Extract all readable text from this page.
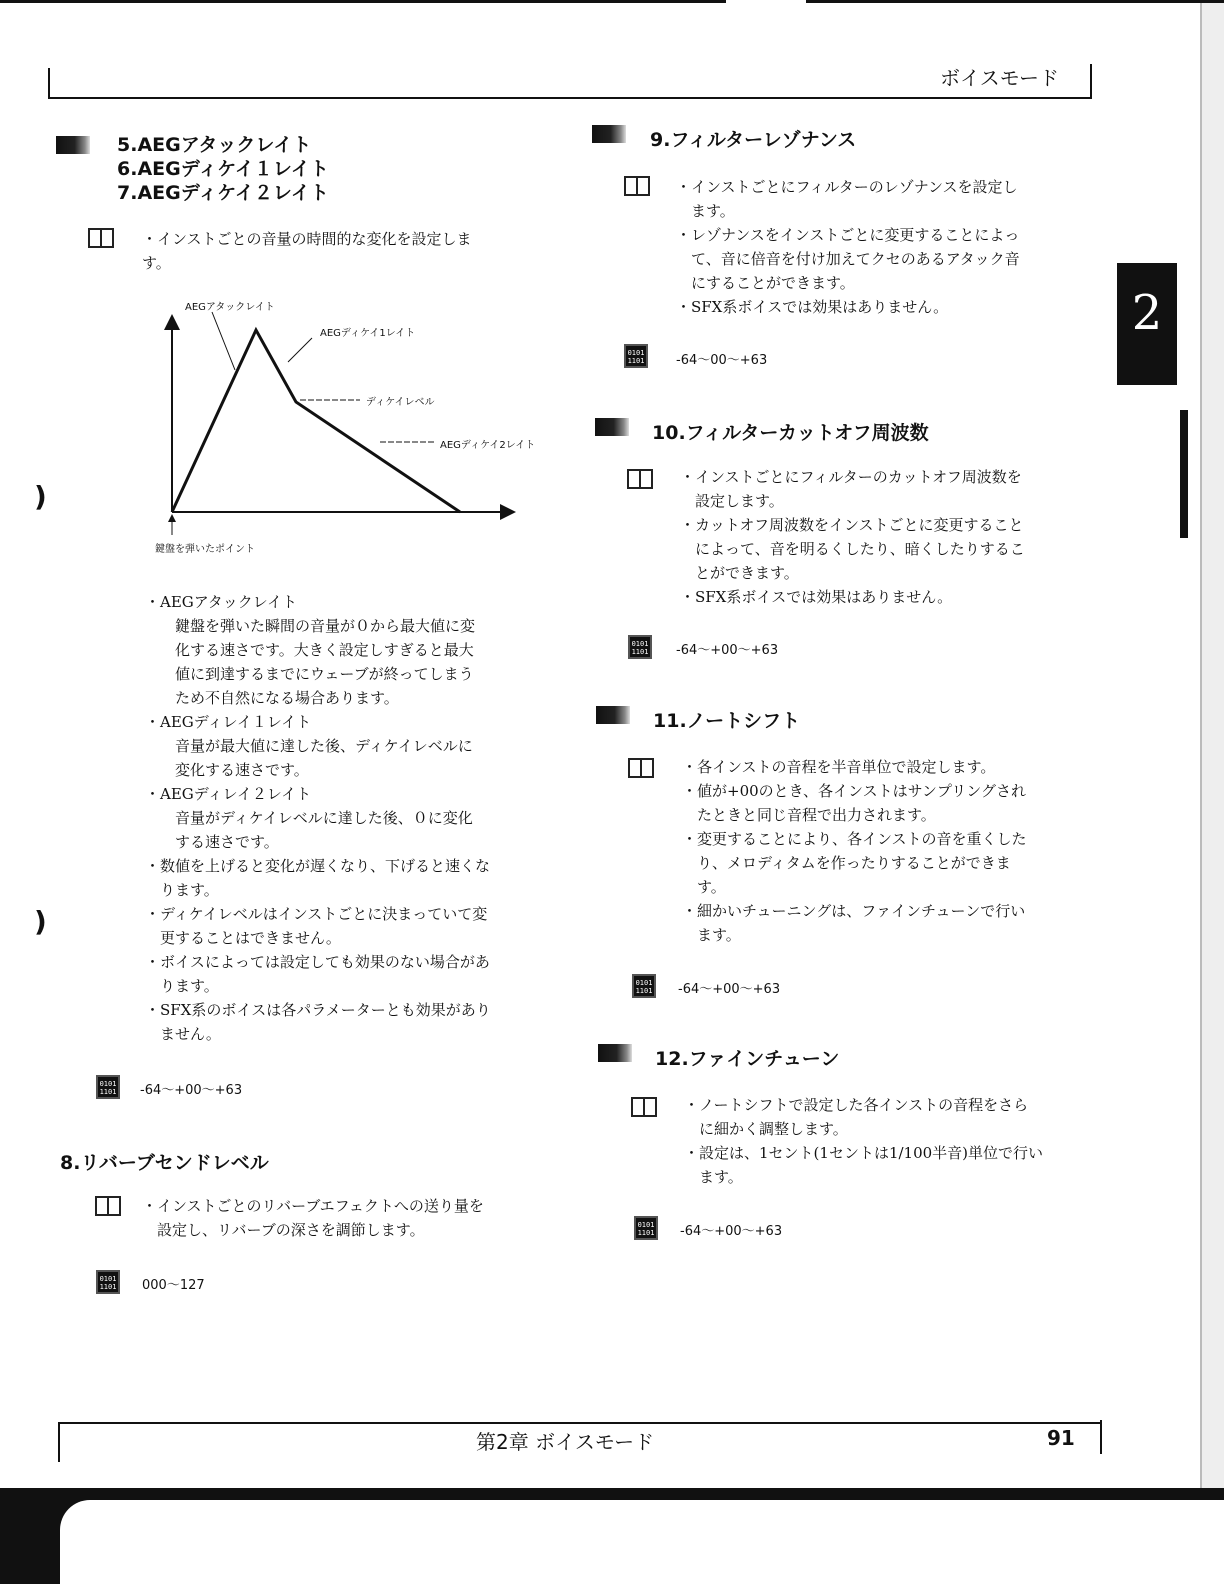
ボイスモード
2
)
)
5.AEGアタックレイト
6.AEGディケイ１レイト
7.AEGディケイ２レイト
・インストごとの音量の時間的な変化を設定しま
す。
AEGアタックレイト
AEGディケイ1レイト
ディケイレベル
AEGディケイ2レイト
鍵盤を弾いたポイント
・AEGアタックレイト
　　鍵盤を弾いた瞬間の音量が０から最大値に変
　　化する速さです。大きく設定しすぎると最大
　　値に到達するまでにウェーブが終ってしまう
　　ため不自然になる場合あります。
・AEGディレイ１レイト
　　音量が最大値に達した後、ディケイレベルに
　　変化する速さです。
・AEGディレイ２レイト
　　音量がディケイレベルに達した後、０に変化
　　する速さです。
・数値を上げると変化が遅くなり、下げると速くな
　ります。
・ディケイレベルはインストごとに決まっていて変
　更することはできません。
・ボイスによっては設定しても効果のない場合があ
　ります。
・SFX系のボイスは各パラメーターとも効果があり
　ません。
0101 1101 -64～+00～+63
8.リバーブセンドレベル
・インストごとのリバーブエフェクトへの送り量を
　設定し、リバーブの深さを調節します。
0101 1101 000～127
9.フィルターレゾナンス
・インストごとにフィルターのレゾナンスを設定し
　ます。
・レゾナンスをインストごとに変更することによっ
　て、音に倍音を付け加えてクセのあるアタック音
　にすることができます。
・SFX系ボイスでは効果はありません。
0101 1101 -64～00～+63
10.フィルターカットオフ周波数
・インストごとにフィルターのカットオフ周波数を
　設定します。
・カットオフ周波数をインストごとに変更すること
　によって、音を明るくしたり、暗くしたりするこ
　とができます。
・SFX系ボイスでは効果はありません。
0101 1101 -64～+00～+63
11.ノートシフト
・各インストの音程を半音単位で設定します。
・値が+00のとき、各インストはサンプリングされ
　たときと同じ音程で出力されます。
・変更することにより、各インストの音を重くした
　り、メロディタムを作ったりすることができま
　す。
・細かいチューニングは、ファインチューンで行い
　ます。
0101 1101 -64～+00～+63
12.ファインチューン
・ノートシフトで設定した各インストの音程をさら
　に細かく調整します。
・設定は、1セント(1セントは1/100半音)単位で行い
　ます。
0101 1101 -64～+00～+63
第2章 ボイスモード	91
